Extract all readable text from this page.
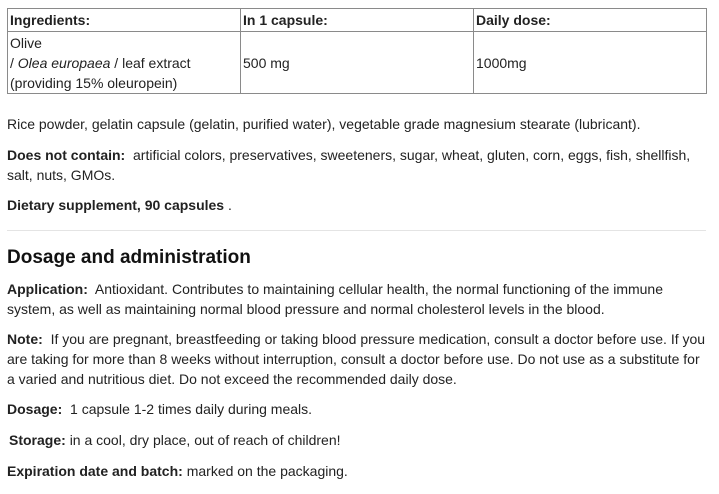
Ingredients:	In 1 capsule:	Daily dose:

Olive
/ Olea europaea / leaf extract
(providing 15% oleuropein)	500 mg	1000mg

Rice powder, gelatin capsule (gelatin, purified water), vegetable grade magnesium stearate (lubricant).

Does not contain: artificial colors, preservatives, sweeteners, sugar, wheat, gluten, corn, eggs, fish, shellfish, salt, nuts, GMOs.

Dietary supplement, 90 capsules .

Dosage and administration

Application: Antioxidant. Contributes to maintaining cellular health, the normal functioning of the immune system, as well as maintaining normal blood pressure and normal cholesterol levels in the blood.

Note: If you are pregnant, breastfeeding or taking blood pressure medication, consult a doctor before use. If you are taking for more than 8 weeks without interruption, consult a doctor before use. Do not use as a substitute for a varied and nutritious diet. Do not exceed the recommended daily dose.

Dosage: 1 capsule 1-2 times daily during meals.

Storage: in a cool, dry place, out of reach of children!

Expiration date and batch: marked on the packaging.
